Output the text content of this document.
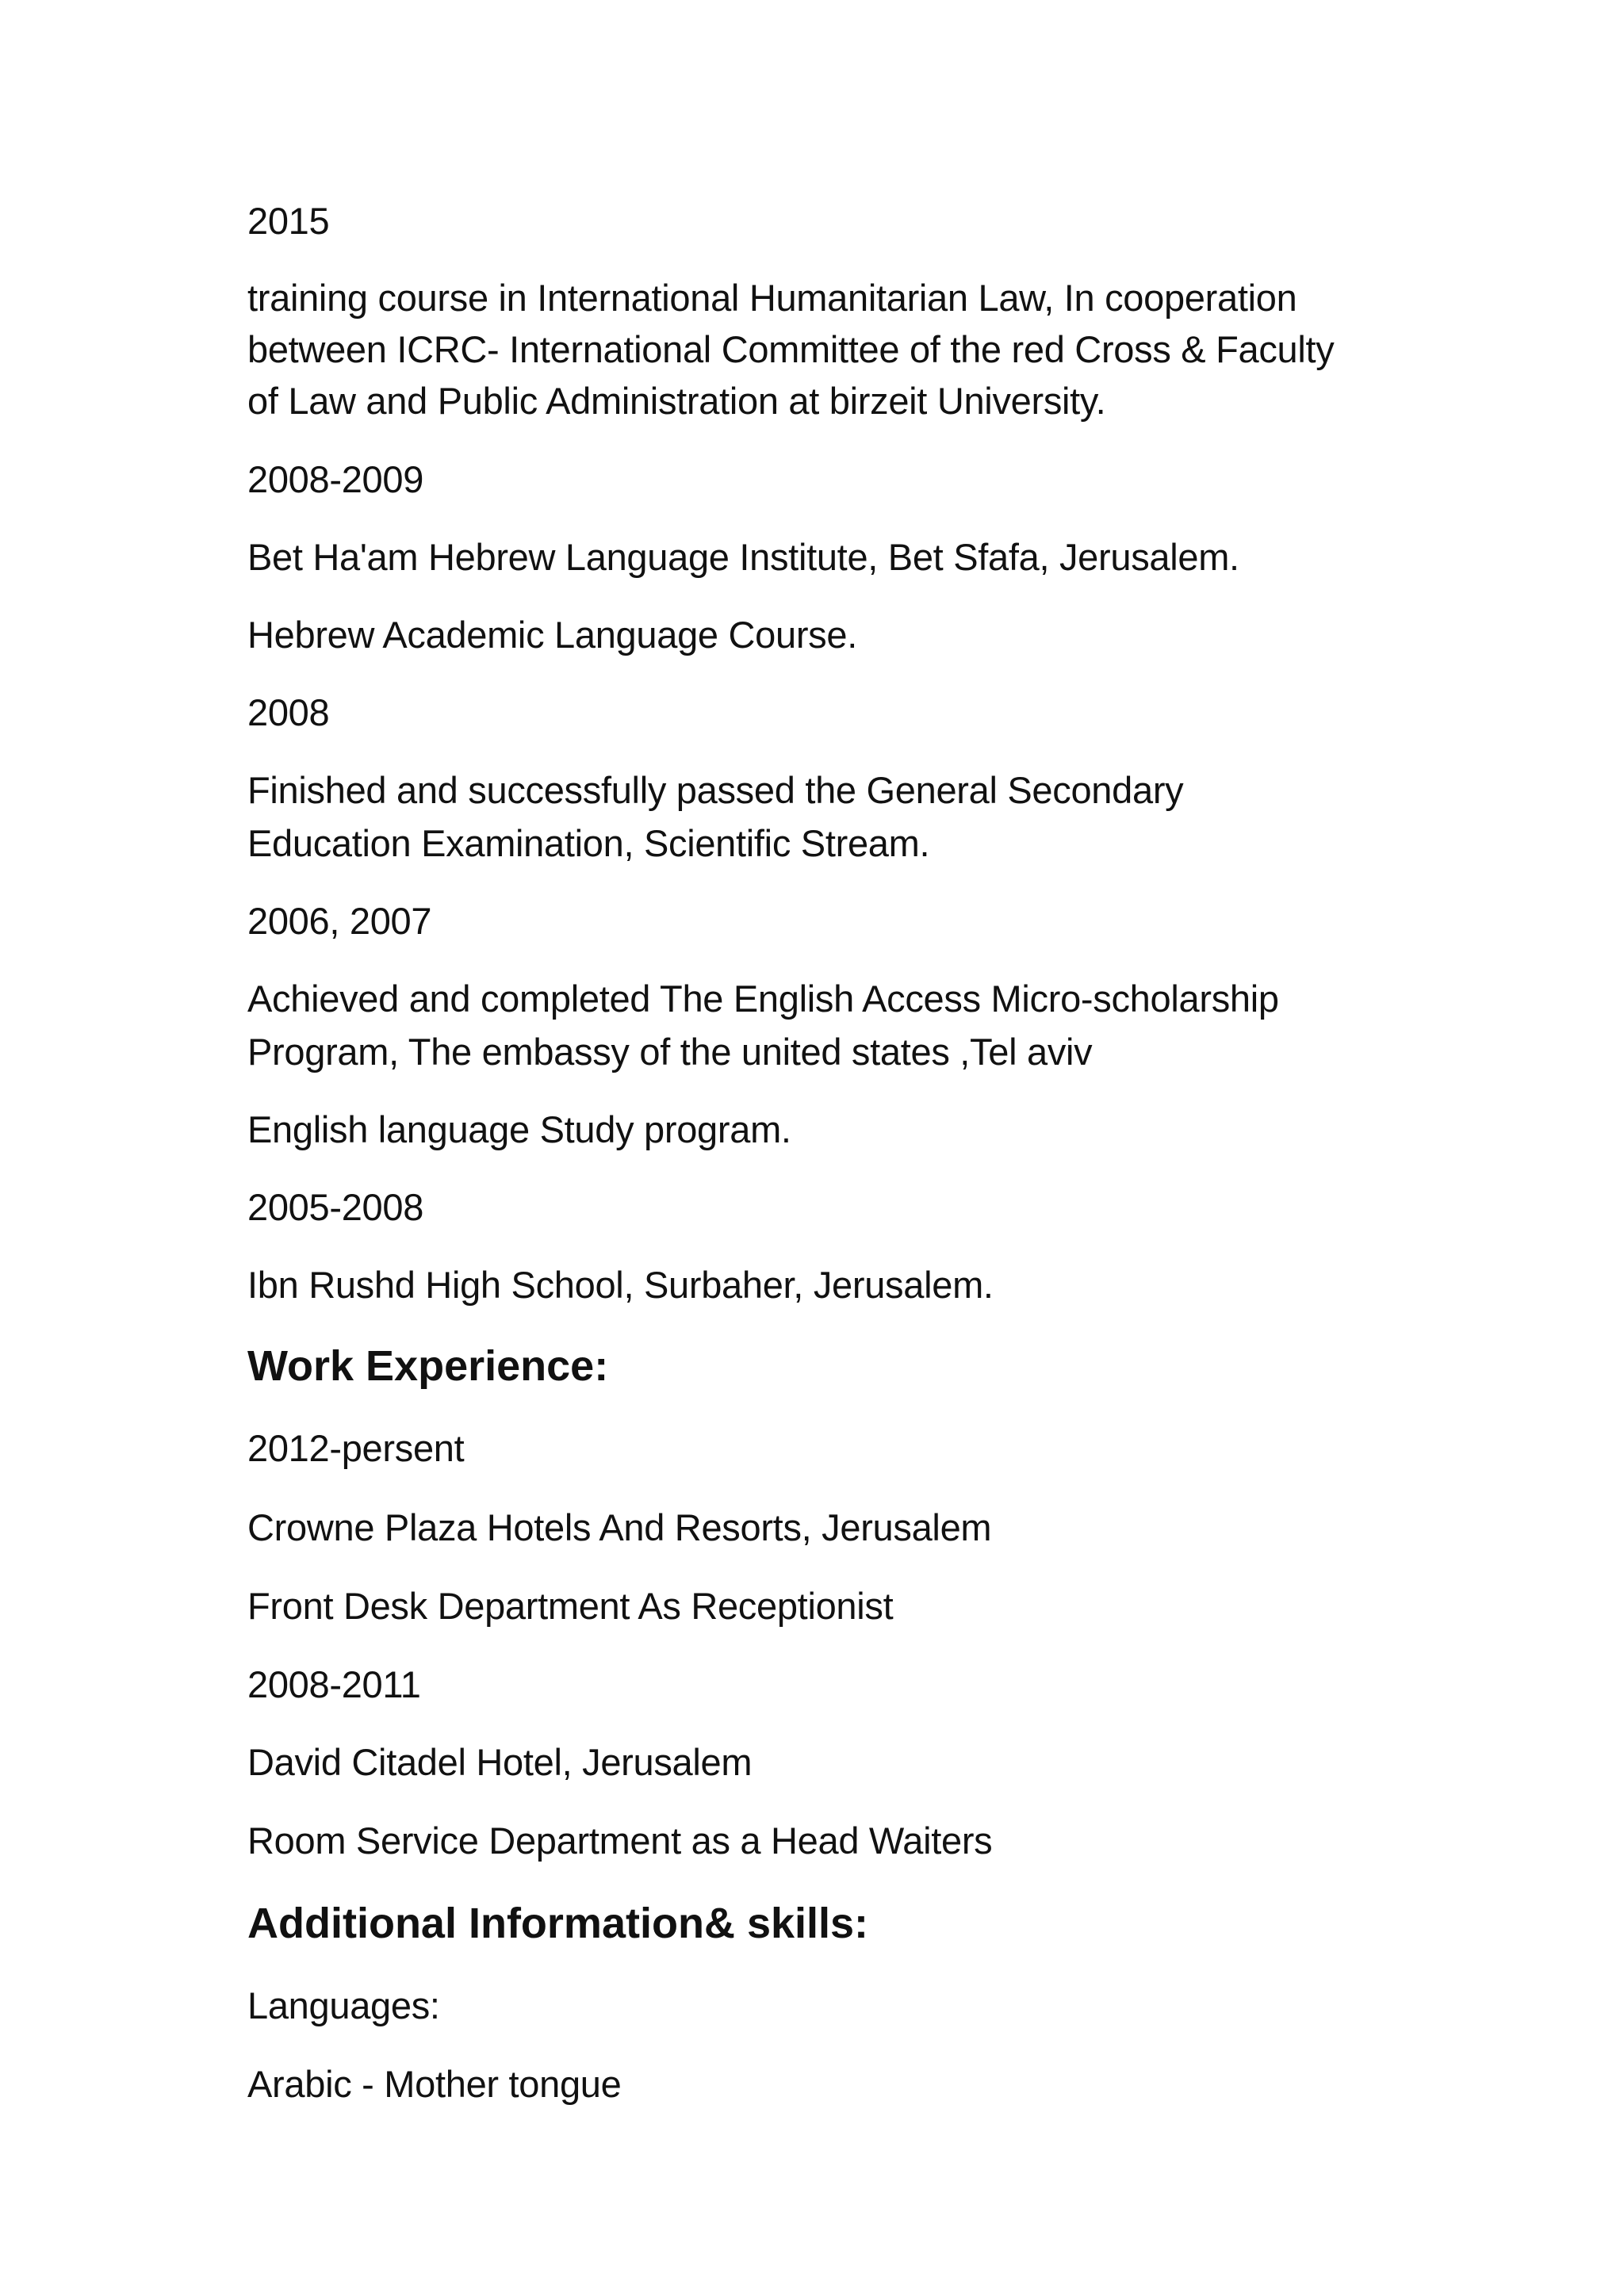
2015
training course in International Humanitarian Law, In cooperation
between ICRC- International Committee of the red Cross & Faculty
of Law and Public Administration at birzeit University.
2008-2009
Bet Ha'am Hebrew Language Institute, Bet Sfafa, Jerusalem.
Hebrew Academic Language Course.
2008
Finished and successfully passed the General Secondary
Education Examination, Scientific Stream.
2006, 2007
Achieved and completed The English Access Micro-scholarship
Program, The embassy of the united states ,Tel aviv
English language Study program.
2005-2008
Ibn Rushd High School, Surbaher, Jerusalem.
Work Experience:
2012-persent
Crowne Plaza Hotels And Resorts, Jerusalem
Front Desk Department As Receptionist
2008-2011
David Citadel Hotel, Jerusalem
Room Service Department as a Head Waiters
Additional Information& skills:
Languages:
Arabic - Mother tongue
